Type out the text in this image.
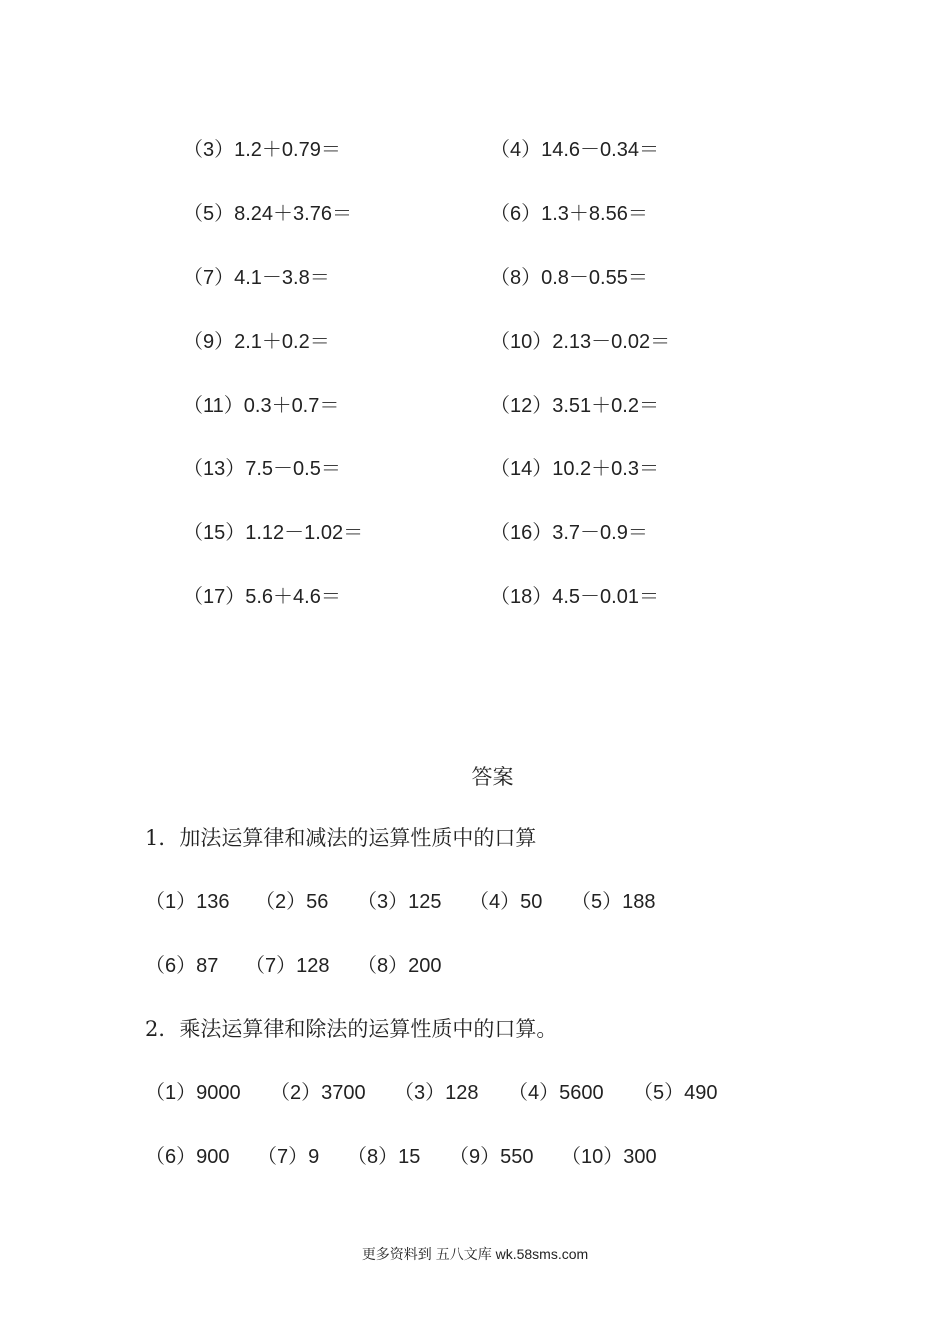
（3）1.2＋0.79＝	（4）14.6－0.34＝
（5）8.24＋3.76＝	（6）1.3＋8.56＝
（7）4.1－3.8＝	（8）0.8－0.55＝
（9）2.1＋0.2＝	（10）2.13－0.02＝
（11）0.3＋0.7＝	（12）3.51＋0.2＝
（13）7.5－0.5＝	（14）10.2＋0.3＝
（15）1.12－1.02＝	（16）3.7－0.9＝
（17）5.6＋4.6＝	（18）4.5－0.01＝
答案
1．加法运算律和减法的运算性质中的口算
（1）136 （2）56 （3）125 （4）50 （5）188
（6）87 （7）128 （8）200
2．乘法运算律和除法的运算性质中的口算。
（1）9000 （2）3700 （3）128 （4）5600 （5）490
（6）900 （7）9 （8）15 （9）550 （10）300
更多资料到 五八文库 wk.58sms.com
